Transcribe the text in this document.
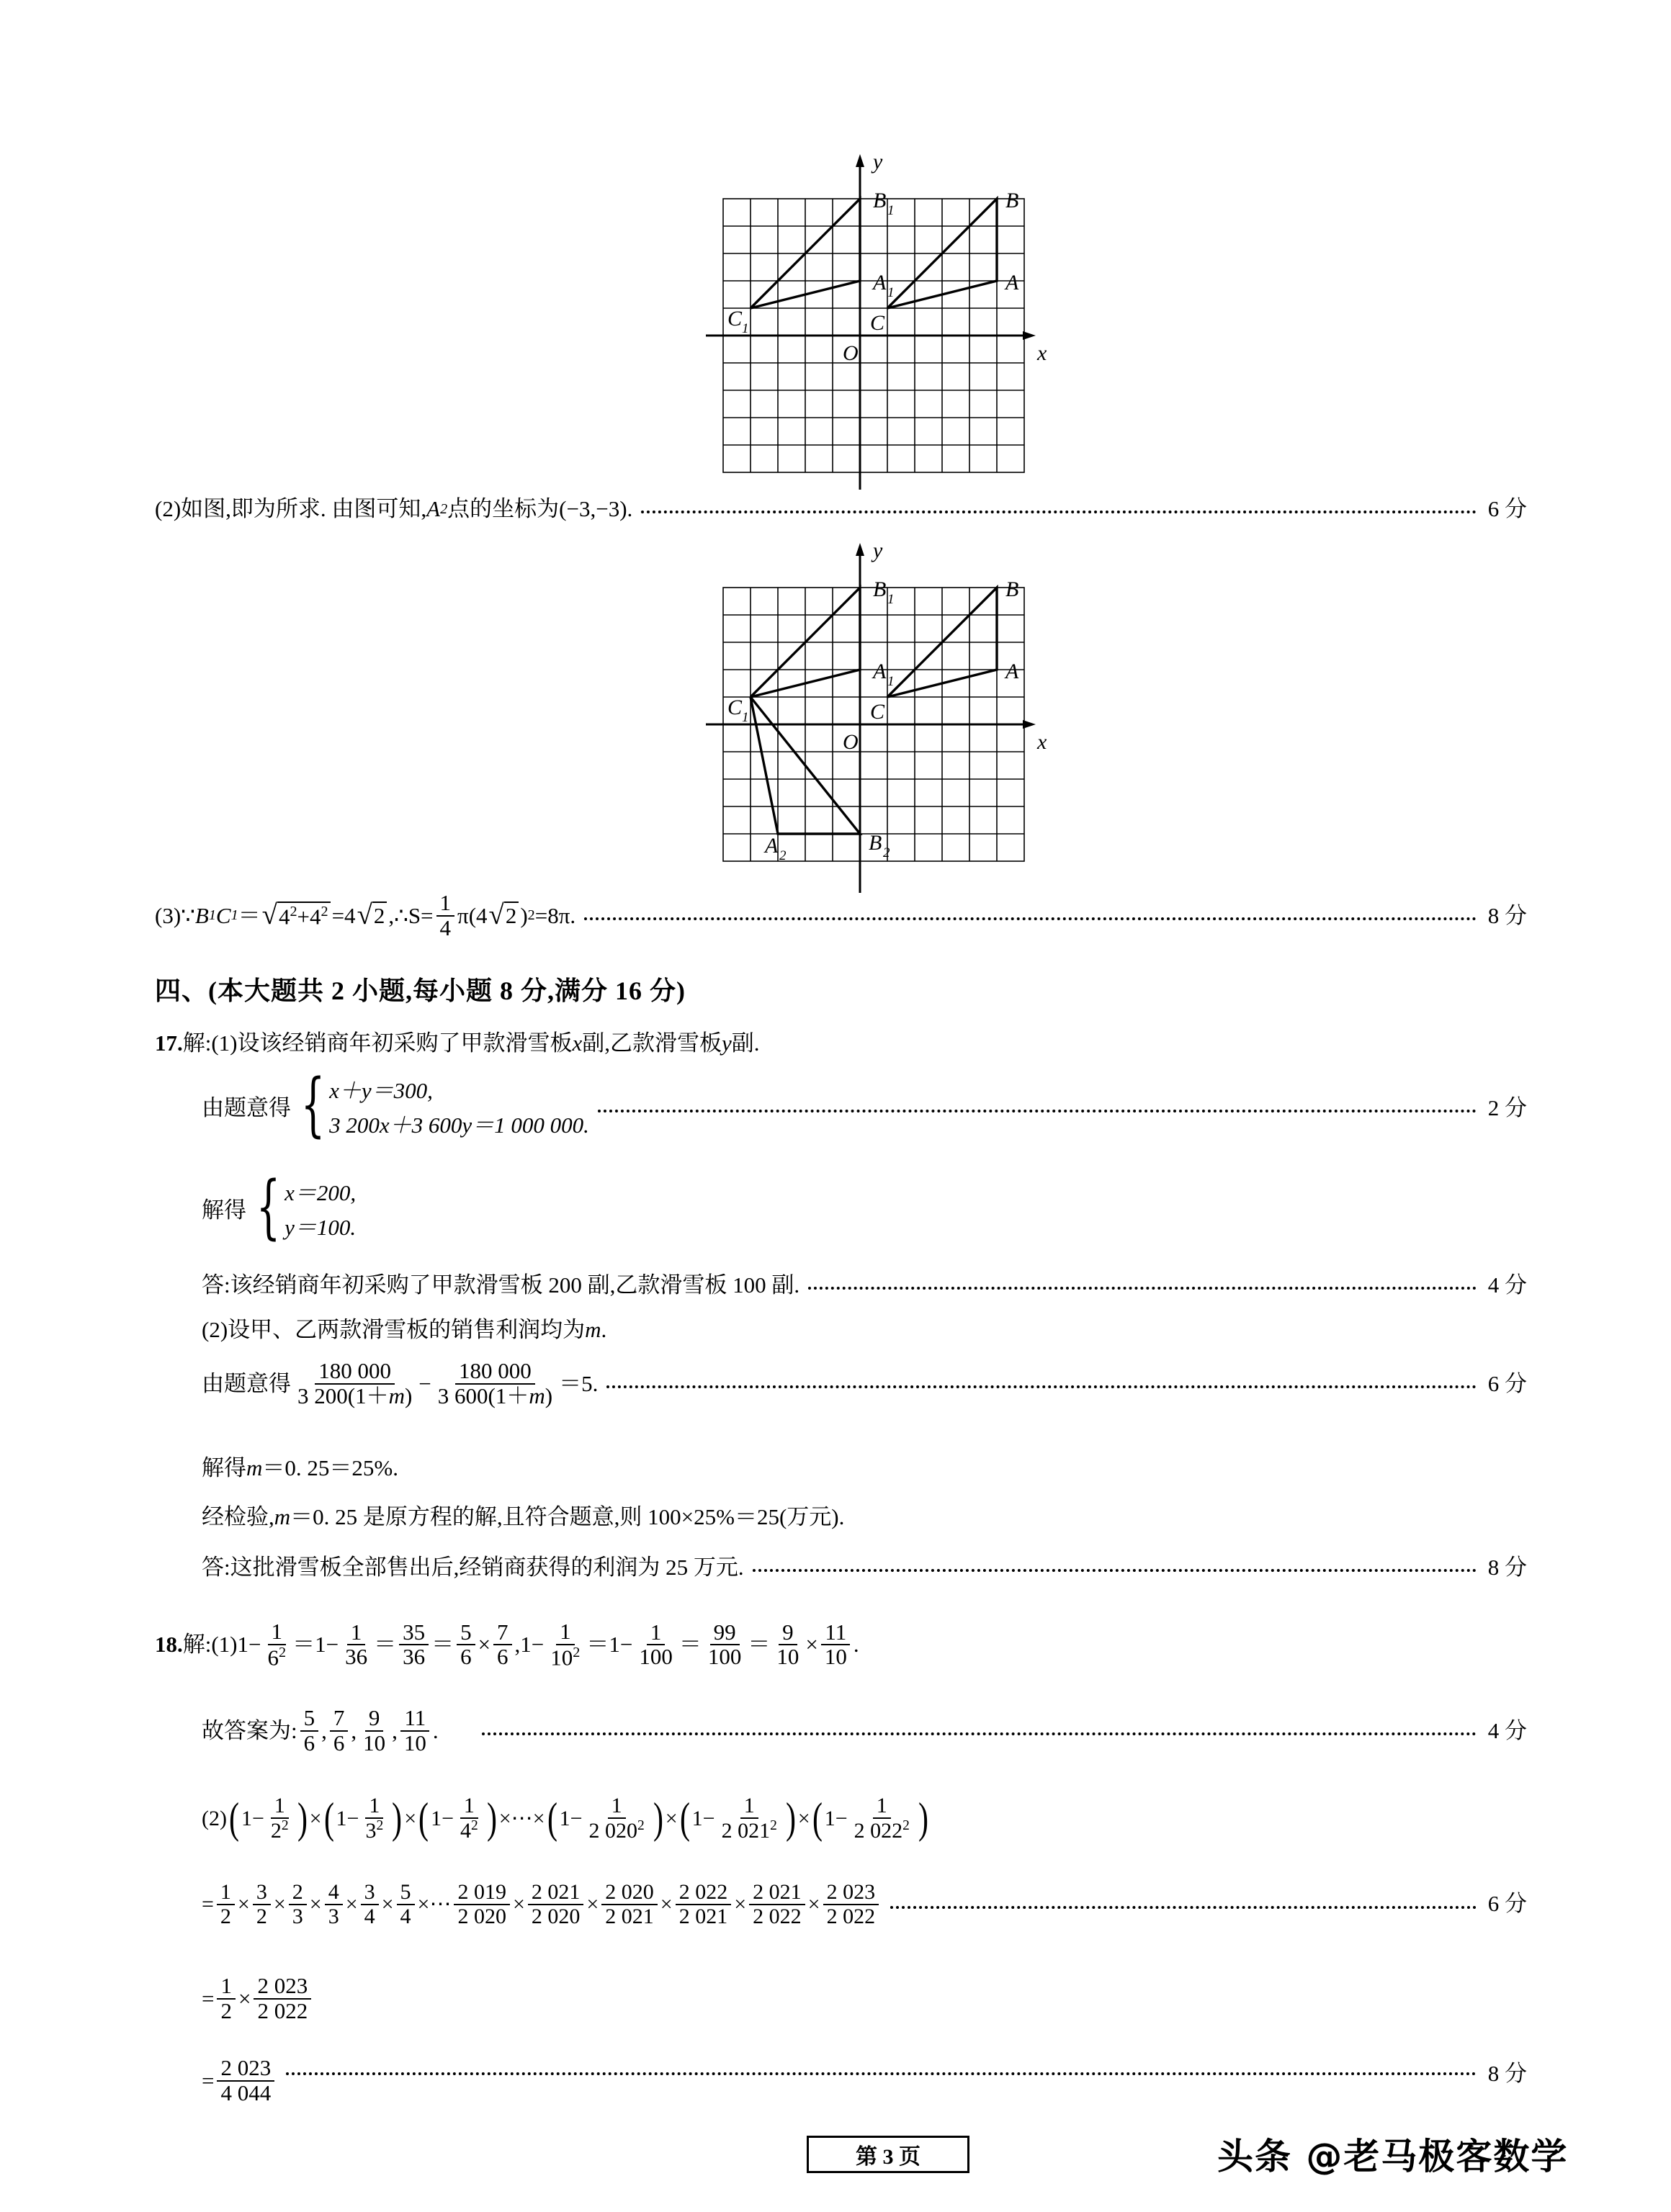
B 1	B
A 1	A
C 1	C
O
y
x
(2)如图,即为所求. 由图可知, A 2 点的坐标为(−3,−3).	6 分
B 1	B
A 1	A
C 1	C
O
A 2
B 2
y
x
(3)∵ B 1 C 1 ＝ √ $4^2+4^2 =4$ √ 2 ,∴S= $\frac{1}{4} \pi(4$ √ 2 ) 2 =8π.	8 分
四、(本大题共 2 小题,每小题 8 分,满分 16 分)
17. 解:(1)设该经销商年初采购了甲款滑雪板 x 副,乙款滑雪板 y 副.
由题意得 { x＋y＝300,
3 200x＋3 600y＝1 000 000.
2 分
解得 { x＝200,
y＝100.
答:该经销商年初采购了甲款滑雪板 200 副,乙款滑雪板 100 副.	4 分
(2)设甲、乙两款滑雪板的销售利润均为 m .
由题意得 $\frac{180 000}{3 200(1+m)} - \frac{180 000}{3 600(1+m)} =5$.	6 分
解得 m ＝0. 25＝25%.
经检验, m ＝0. 25 是原方程的解,且符合题意,则 100×25%＝25(万元).
答:这批滑雪板全部售出后,经销商获得的利润为 25 万元.	8 分
18. 解:(1)1− $\frac{1}{6^2} =1- \frac{1}{36} = \frac{35}{36} = \frac{5}{6} \times \frac{7}{6} ,1- \frac{1}{10^2} =1- \frac{1}{100} = \frac{99}{100} = \frac{9}{10} \times \frac{11}{10}$ .
故答案为: $\frac{5}{6}$ , $\frac{7}{6}$ , $\frac{9}{10}$ , $\frac{11}{10}$ .	4 分
(2) ( $1- \frac{1}{2^2}$ ) × ( $1- \frac{1}{3^2}$ ) × ( $1- \frac{1}{4^2}$ ) × ⋯ × ( $1- \frac{1}{2 020^2}$ ) × ( $1- \frac{1}{2 021^2}$ ) × ( $1- \frac{1}{2 022^2}$ )
= $\frac{1}{2} \times \frac{3}{2} \times \frac{2}{3} \times \frac{4}{3} \times \frac{3}{4} \times \frac{5}{4}$ × ⋯ $\frac{2 019}{2 020} \times \frac{2 021}{2 020} \times \frac{2 020}{2 021} \times \frac{2 022}{2 021} \times \frac{2 021}{2 022} \times \frac{2 023}{2 022}$	6 分
= $\frac{1}{2} \times \frac{2 023}{2 022}$
= $\frac{2 023}{4 044}$	8 分
第 3 页	头条 @老马极客数学
